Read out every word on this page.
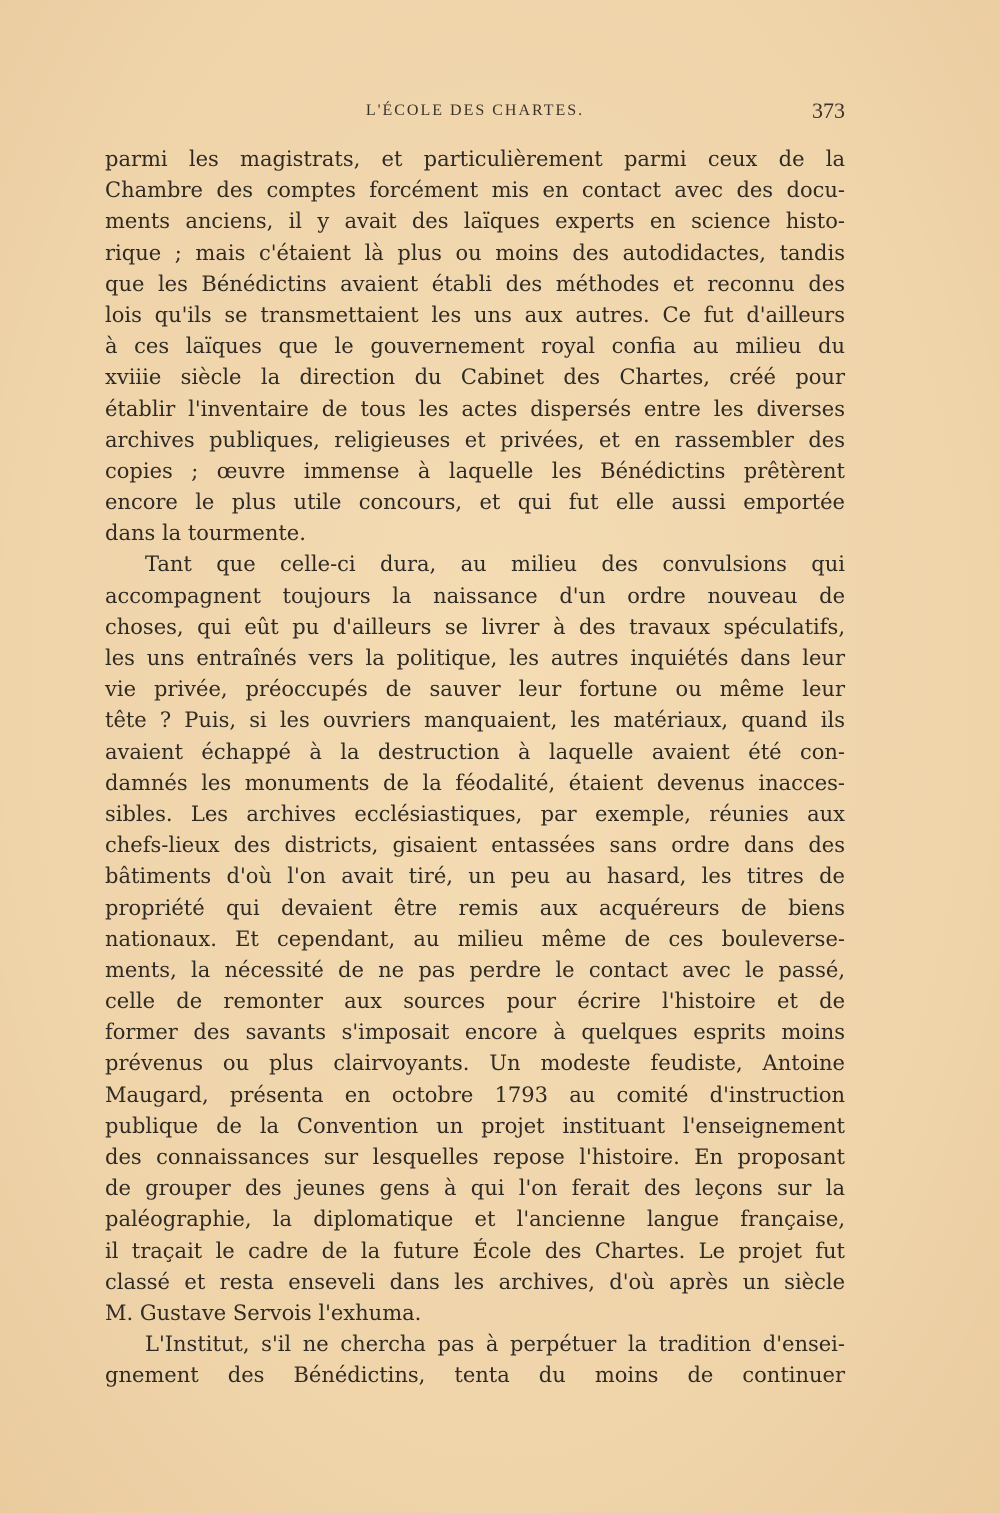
L'ÉCOLE DES CHARTES.	373
parmi les magistrats, et particulièrement parmi ceux de la
Chambre des comptes forcément mis en contact avec des docu-
ments anciens, il y avait des laïques experts en science histo-
rique ; mais c'étaient là plus ou moins des autodidactes, tandis
que les Bénédictins avaient établi des méthodes et reconnu des
lois qu'ils se transmettaient les uns aux autres. Ce fut d'ailleurs
à ces laïques que le gouvernement royal confia au milieu du
xviiie siècle la direction du Cabinet des Chartes, créé pour
établir l'inventaire de tous les actes dispersés entre les diverses
archives publiques, religieuses et privées, et en rassembler des
copies ; œuvre immense à laquelle les Bénédictins prêtèrent
encore le plus utile concours, et qui fut elle aussi emportée
dans la tourmente.
Tant que celle-ci dura, au milieu des convulsions qui
accompagnent toujours la naissance d'un ordre nouveau de
choses, qui eût pu d'ailleurs se livrer à des travaux spéculatifs,
les uns entraînés vers la politique, les autres inquiétés dans leur
vie privée, préoccupés de sauver leur fortune ou même leur
tête ? Puis, si les ouvriers manquaient, les matériaux, quand ils
avaient échappé à la destruction à laquelle avaient été con-
damnés les monuments de la féodalité, étaient devenus inacces-
sibles. Les archives ecclésiastiques, par exemple, réunies aux
chefs-lieux des districts, gisaient entassées sans ordre dans des
bâtiments d'où l'on avait tiré, un peu au hasard, les titres de
propriété qui devaient être remis aux acquéreurs de biens
nationaux. Et cependant, au milieu même de ces bouleverse-
ments, la nécessité de ne pas perdre le contact avec le passé,
celle de remonter aux sources pour écrire l'histoire et de
former des savants s'imposait encore à quelques esprits moins
prévenus ou plus clairvoyants. Un modeste feudiste, Antoine
Maugard, présenta en octobre 1793 au comité d'instruction
publique de la Convention un projet instituant l'enseignement
des connaissances sur lesquelles repose l'histoire. En proposant
de grouper des jeunes gens à qui l'on ferait des leçons sur la
paléographie, la diplomatique et l'ancienne langue française,
il traçait le cadre de la future École des Chartes. Le projet fut
classé et resta enseveli dans les archives, d'où après un siècle
M. Gustave Servois l'exhuma.
L'Institut, s'il ne chercha pas à perpétuer la tradition d'ensei-
gnement des Bénédictins, tenta du moins de continuer
